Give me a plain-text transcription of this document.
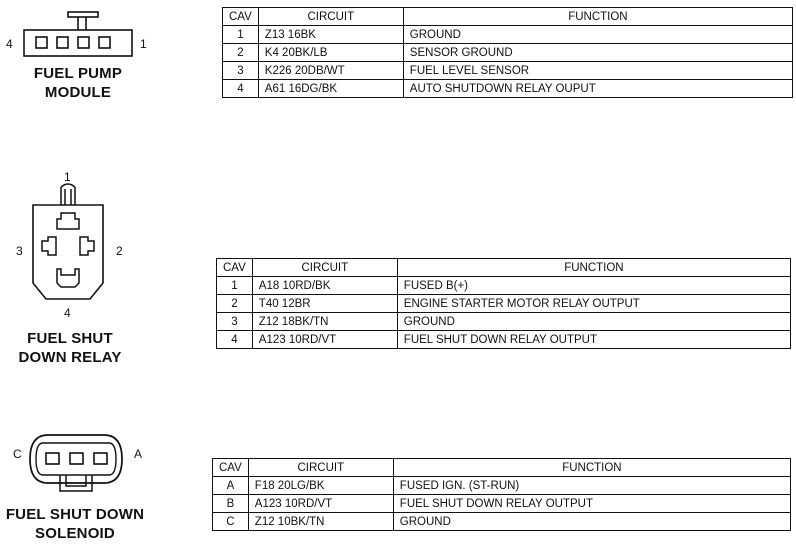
4	1
FUEL PUMP
MODULE
CAV	CIRCUIT	FUNCTION
1	Z13 16BK	GROUND
2	K4 20BK/LB	SENSOR GROUND
3	K226 20DB/WT	FUEL LEVEL SENSOR
4	A61 16DG/BK	AUTO SHUTDOWN RELAY OUPUT
1
3	2
4
FUEL SHUT
DOWN RELAY
CAV	CIRCUIT	FUNCTION
1	A18 10RD/BK	FUSED B(+)
2	T40 12BR	ENGINE STARTER MOTOR RELAY OUTPUT
3	Z12 18BK/TN	GROUND
4	A123 10RD/VT	FUEL SHUT DOWN RELAY OUTPUT
C	A
FUEL SHUT DOWN
SOLENOID
CAV	CIRCUIT	FUNCTION
A	F18 20LG/BK	FUSED IGN. (ST-RUN)
B	A123 10RD/VT	FUEL SHUT DOWN RELAY OUTPUT
C	Z12 10BK/TN	GROUND
